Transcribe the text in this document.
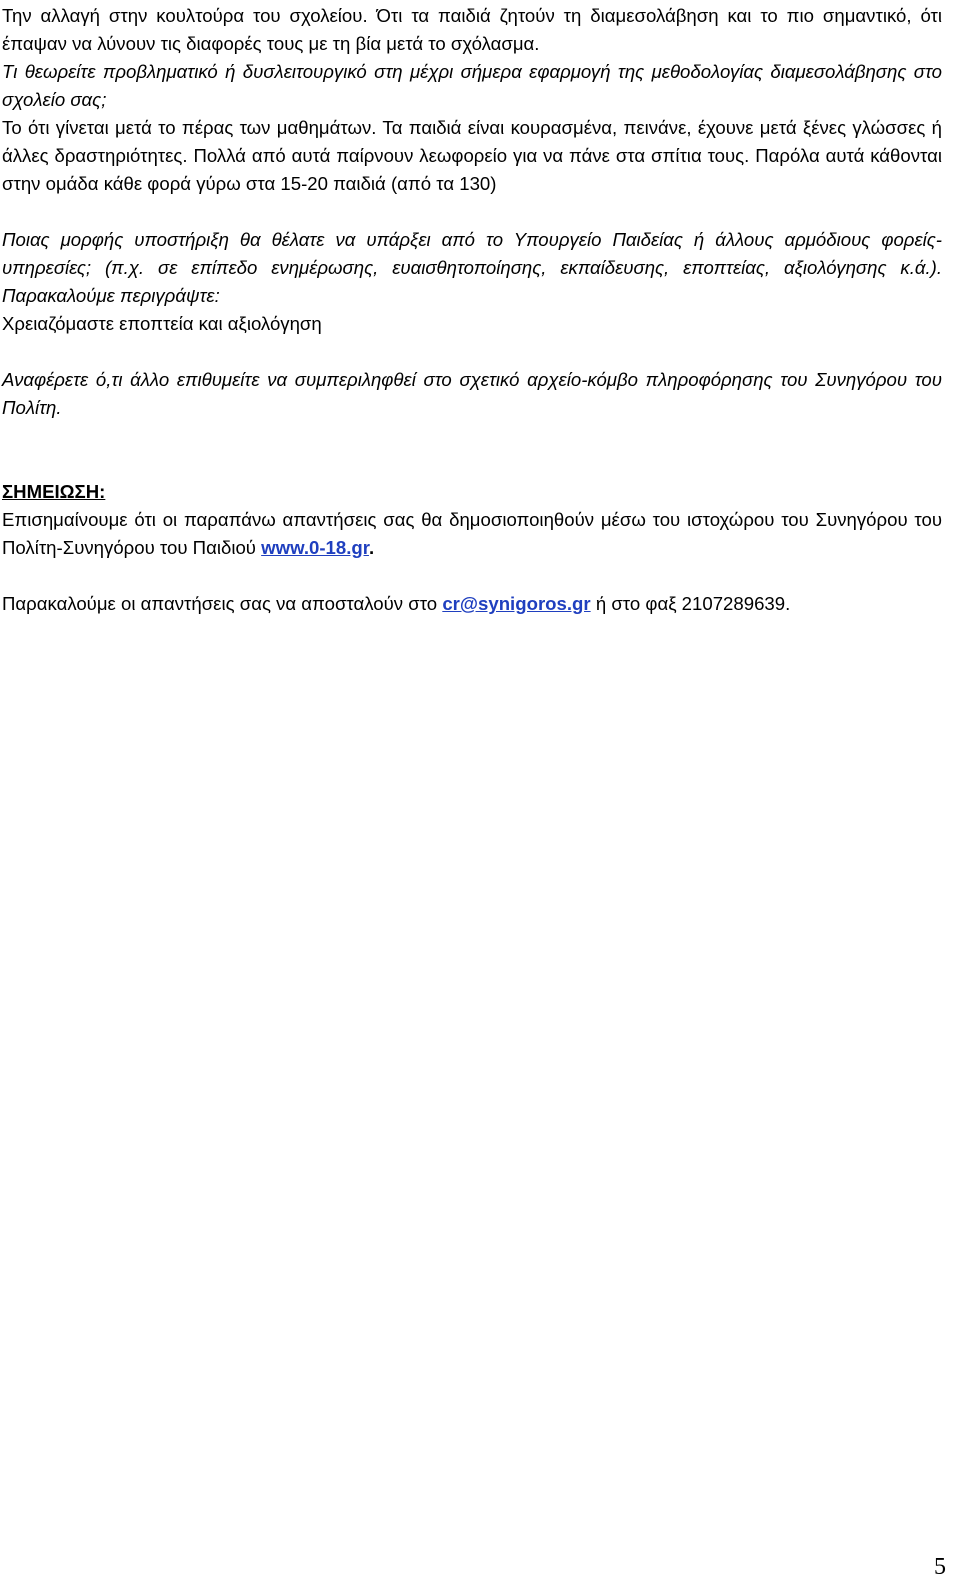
Την αλλαγή στην κουλτούρα του σχολείου. Ότι τα παιδιά ζητούν τη διαμεσολάβηση και το πιο σημαντικό, ότι έπαψαν να λύνουν τις διαφορές τους με τη βία μετά το σχόλασμα.

Τι θεωρείτε προβληματικό ή δυσλειτουργικό στη μέχρι σήμερα εφαρμογή της μεθοδολογίας διαμεσολάβησης στο σχολείο σας;

Το ότι γίνεται μετά το πέρας των μαθημάτων. Τα παιδιά είναι κουρασμένα, πεινάνε, έχουνε μετά ξένες γλώσσες ή άλλες δραστηριότητες. Πολλά από αυτά παίρνουν λεωφορείο για να πάνε στα σπίτια τους. Παρόλα αυτά κάθονται στην ομάδα κάθε φορά γύρω στα 15-20 παιδιά (από τα 130)

Ποιας μορφής υποστήριξη θα θέλατε να υπάρξει από το Υπουργείο Παιδείας ή άλλους αρμόδιους φορείς-υπηρεσίες; (π.χ. σε επίπεδο ενημέρωσης, ευαισθητοποίησης, εκπαίδευσης, εποπτείας, αξιολόγησης κ.ά.). Παρακαλούμε περιγράψτε:

Χρειαζόμαστε εποπτεία και αξιολόγηση

Αναφέρετε ό,τι άλλο επιθυμείτε να συμπεριληφθεί στο σχετικό αρχείο-κόμβο πληροφόρησης του Συνηγόρου του Πολίτη.

ΣΗΜΕΙΩΣΗ:

Επισημαίνουμε ότι οι παραπάνω απαντήσεις σας θα δημοσιοποιηθούν μέσω του ιστοχώρου του Συνηγόρου του Πολίτη-Συνηγόρου του Παιδιού www.0-18.gr.

Παρακαλούμε οι απαντήσεις σας να αποσταλούν στο cr@synigoros.gr ή στο φαξ 2107289639.

5
